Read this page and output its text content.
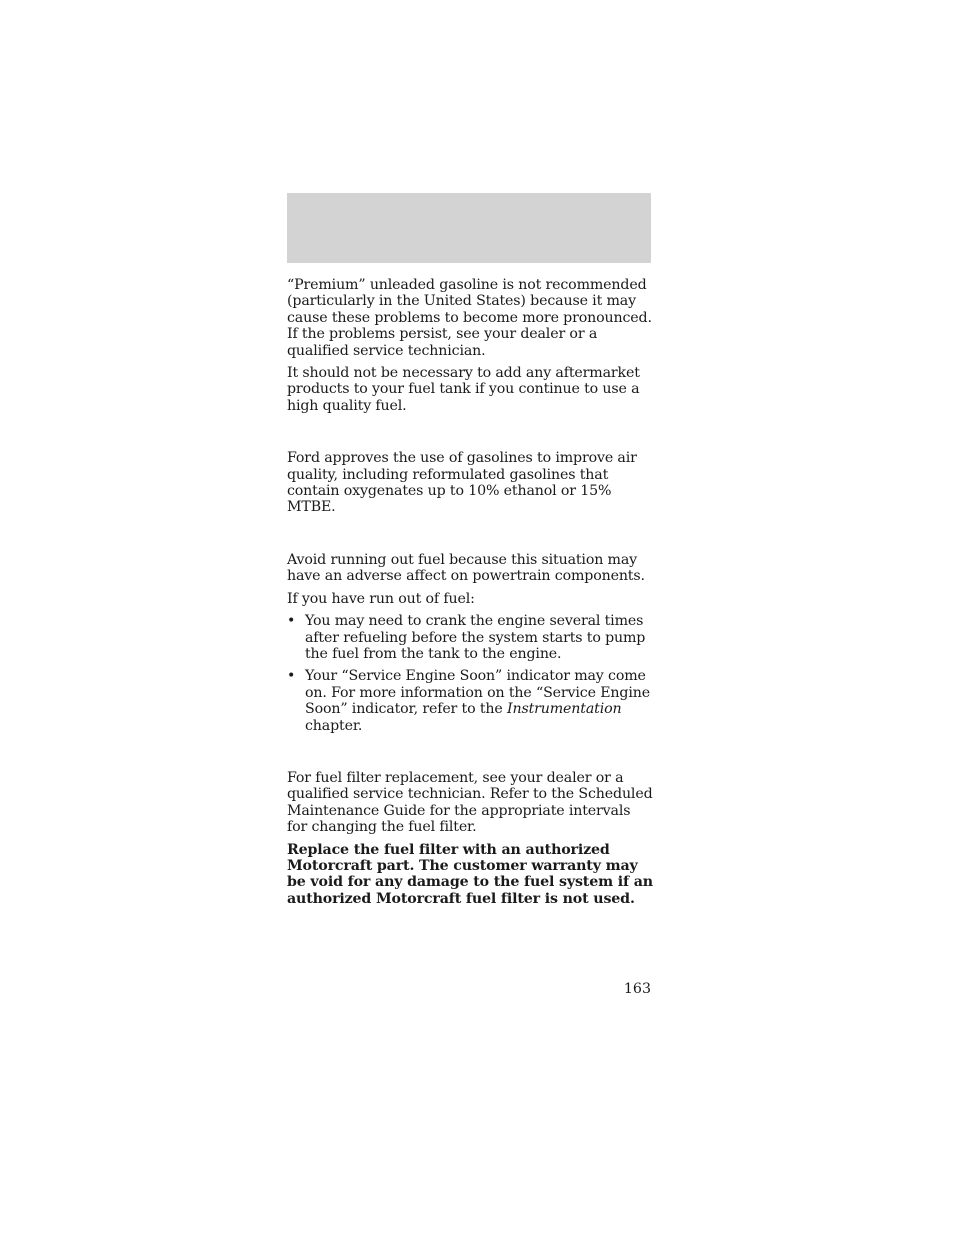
“Premium” unleaded gasoline is not recommended (particularly in the United States) because it may cause these problems to become more pronounced. If the problems persist, see your dealer or a qualified service technician.

It should not be necessary to add any aftermarket products to your fuel tank if you continue to use a high quality fuel.

Ford approves the use of gasolines to improve air quality, including reformulated gasolines that contain oxygenates up to 10% ethanol or 15% MTBE.

Avoid running out fuel because this situation may have an adverse affect on powertrain components.

If you have run out of fuel:

• You may need to crank the engine several times after refueling before the system starts to pump the fuel from the tank to the engine.
• Your “Service Engine Soon” indicator may come on. For more information on the “Service Engine Soon” indicator, refer to the Instrumentation chapter.

For fuel filter replacement, see your dealer or a qualified service technician. Refer to the Scheduled Maintenance Guide for the appropriate intervals for changing the fuel filter.

Replace the fuel filter with an authorized Motorcraft part. The customer warranty may be void for any damage to the fuel system if an authorized Motorcraft fuel filter is not used.

163
